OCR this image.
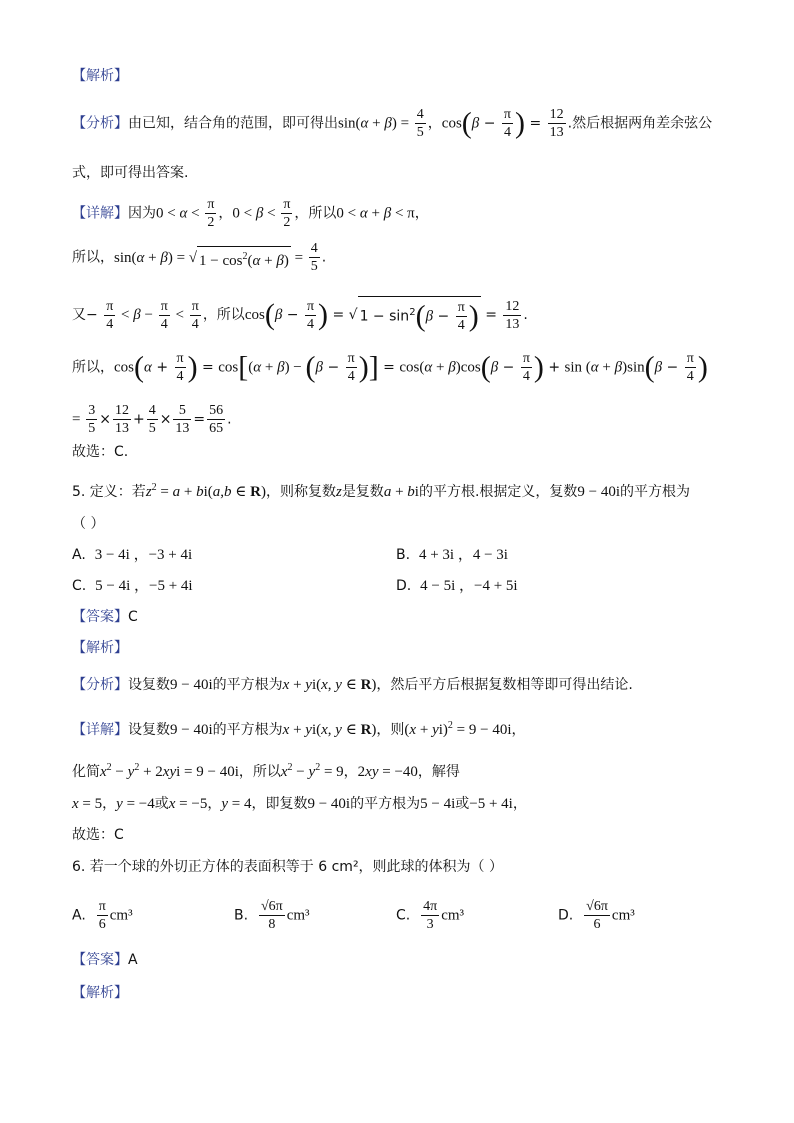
【解析】
【分析】由已知，结合角的范围，即可得出$\sin(\alpha + \beta) = \frac{4}{5}$ ，$\cos(\beta - \frac{\pi}{4}$ ) = $\frac{12}{13}$ .然后根据两角差余弦公
式，即可得出答案.
【详解】因为$0 < \alpha < \frac{\pi}{2}$ ，$0 < \beta < \frac{\pi}{2}$ ，所以0 < α + β < π，
所以，sin(α + β) = √ $1 - \cos^2(\alpha + \beta) = \frac{4}{5}$ .
又− $\frac{\pi}{4} < \beta - \frac{\pi}{4} < \frac{\pi}{4}$ ，所以$\cos(\beta - \frac{\pi}{4}$ ) = √ $1 - \sin^2(\beta - \frac{\pi}{4}$ ) = $\frac{12}{13}$ .
所以，$\cos(\alpha + \frac{\pi}{4}$ ) = $\cos[(\alpha + \beta) - (\beta - \frac{\pi}{4}$ )] = $\cos(\alpha + \beta)\cos(\beta - \frac{\pi}{4}$ ) + $\sin (\alpha + \beta)\sin(\beta - \frac{\pi}{4}$ )
= $\frac{3}{5} \times \frac{12}{13} + \frac{4}{5} \times \frac{5}{13} = \frac{56}{65}$ .
故选：C.
5. 定义：若$z^2 = a + bi(a,b$ ∈ R)，则称复数z是复数a + bi的平方根.根据定义，复数9 − 40i的平方根为
（ ）
A. 3 − 4i ，−3 + 4i	B. 4 + 3i ，4 − 3i
C. 5 − 4i ，−5 + 4i	D. 4 − 5i ，−4 + 5i
【答案】C
【解析】
【分析】设复数9 − 40i的平方根为x + yi(x, y ∈ R)，然后平方后根据复数相等即可得出结论.
【详解】设复数9 − 40i的平方根为x + yi(x, y ∈ R)，则(x + yi)$^2$ = 9 − 40i，
化简$x^2 - y^2 + 2xyi = 9 - 40i$，所以$x^2 - y^2 = 9$，2xy = −40，解得
x = 5，y = −4或x = −5，y = 4，即复数9 − 40i的平方根为5 − 4i或−5 + 4i，
故选：C
6. 若一个球的外切正方体的表面积等于 6 cm²，则此球的体积为（ ）
A. $\frac{\pi}{6} cm^3$	B. $\frac{√6\pi}{8} cm^3$	C. $\frac{4\pi}{3} cm^3$	D. $\frac{√6\pi}{6} cm^3$
【答案】A
【解析】
